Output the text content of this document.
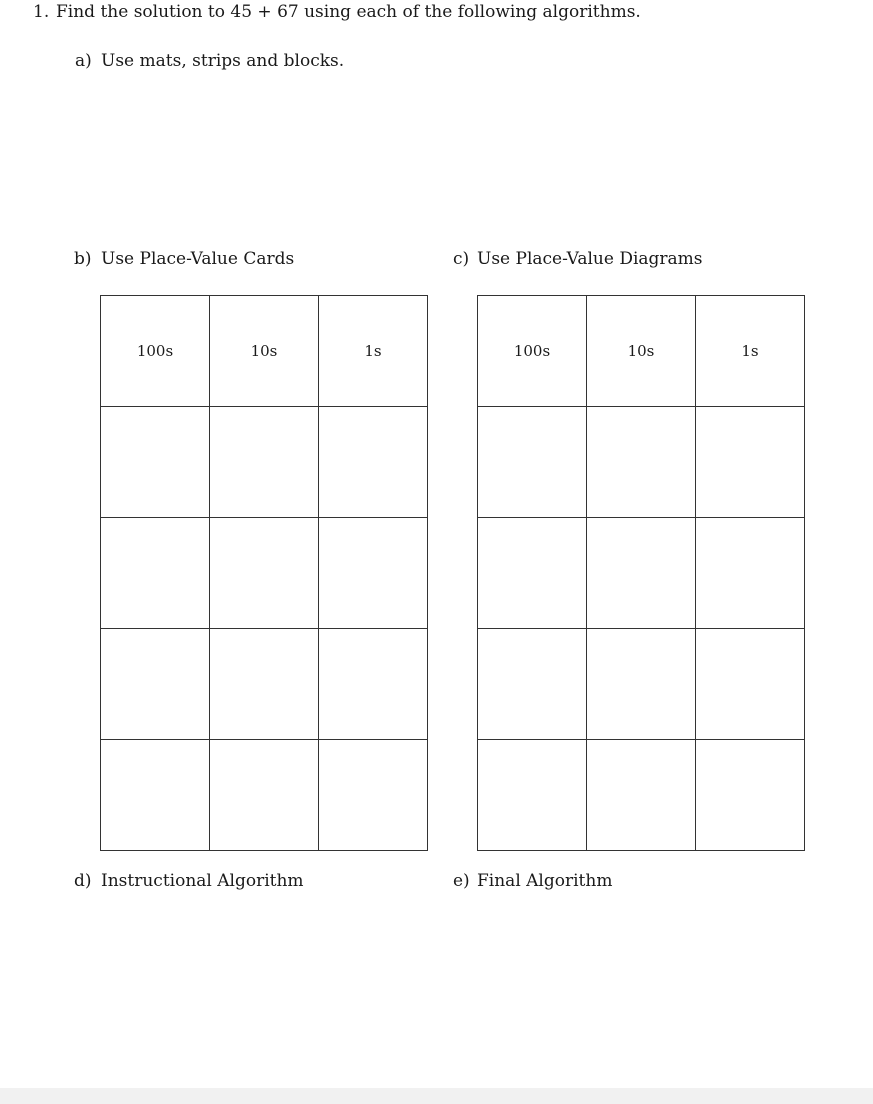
1. Find the solution to 45 + 67 using each of the following algorithms.
a) Use mats, strips and blocks.
b) Use Place-Value Cards	c) Use Place-Value Diagrams
100s	10s	1s

			100s	10s	1s

d) Instructional Algorithm	e) Final Algorithm
